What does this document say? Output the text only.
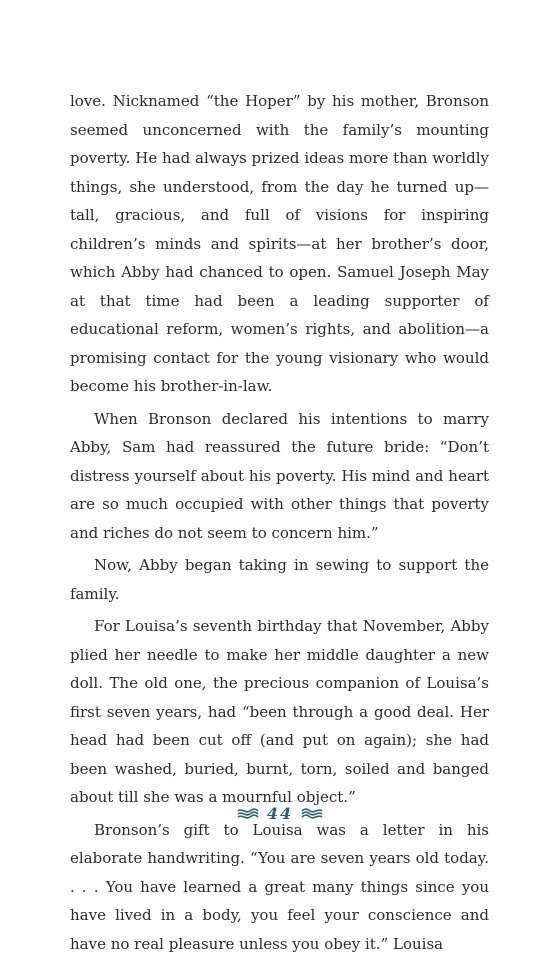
love. Nicknamed “the Hoper” by his mother, Bronson seemed unconcerned with the family’s mounting poverty. He had always prized ideas more than worldly things, she understood, from the day he turned up—tall, gracious, and full of visions for inspiring children’s minds and spirits—at her brother’s door, which Abby had chanced to open. Samuel Joseph May at that time had been a leading supporter of educational reform, women’s rights, and abolition—a promising contact for the young visionary who would become his brother-in-law.

When Bronson declared his intentions to marry Abby, Sam had reassured the future bride: “Don’t distress yourself about his poverty. His mind and heart are so much occupied with other things that poverty and riches do not seem to concern him.”

Now, Abby began taking in sewing to support the family.

For Louisa’s seventh birthday that November, Abby plied her needle to make her middle daughter a new doll. The old one, the precious companion of Louisa’s first seven years, had “been through a good deal. Her head had been cut off (and put on again); she had been washed, buried, burnt, torn, soiled and banged about till she was a mournful object.”

Bronson’s gift to Louisa was a letter in his elaborate handwriting. “You are seven years old today. . . . You have learned a great many things since you have lived in a body, you feel your conscience and have no real pleasure unless you obey it.” Louisa

44
